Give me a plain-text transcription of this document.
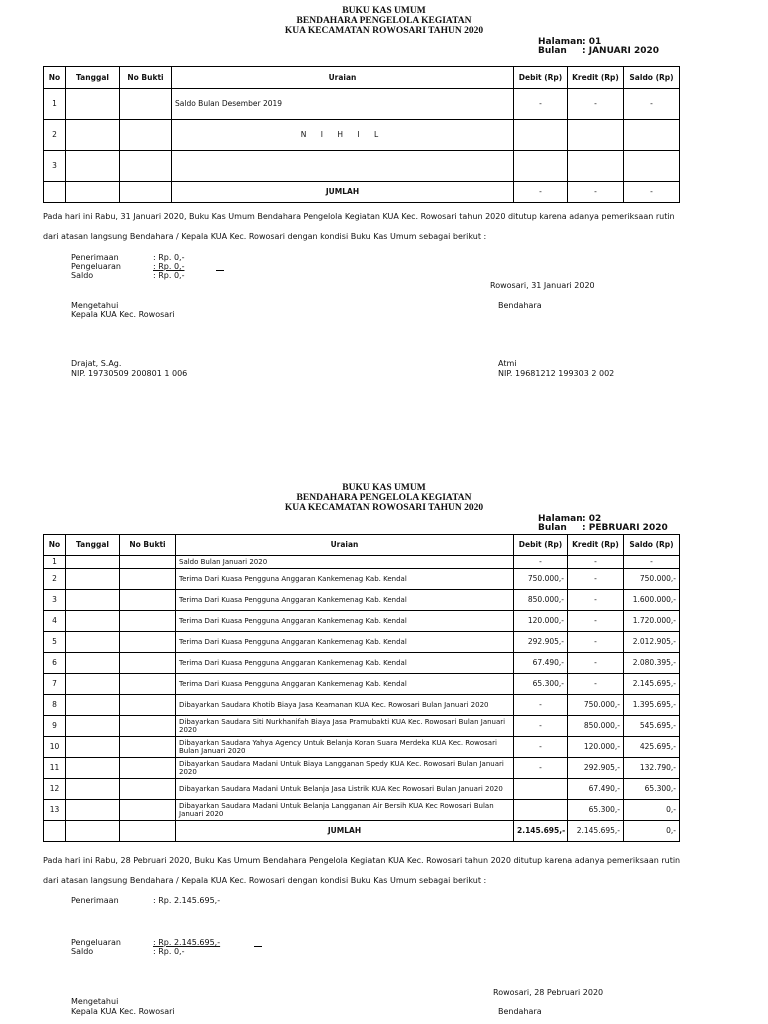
BUKU KAS UMUM
BENDAHARA PENGELOLA KEGIATAN
KUA KECAMATAN ROWOSARI TAHUN 2020
Halaman: 01
Bulan : JANUARI 2020
No	Tanggal	No Bukti	Uraian	Debit (Rp)	Kredit (Rp)	Saldo (Rp)
1			Saldo Bulan Desember 2019	-	-	-
2			N I H I L			
3						
			JUMLAH	-	-	-
Pada hari ini Rabu, 31 Januari 2020, Buku Kas Umum Bendahara Pengelola Kegiatan KUA Kec. Rowosari tahun 2020 ditutup karena adanya pemeriksaan rutin
dari atasan langsung Bendahara / Kepala KUA Kec. Rowosari dengan kondisi Buku Kas Umum sebagai berikut :
Penerimaan	: Rp. 0,-
Pengeluaran	: Rp. 0,-
Saldo	: Rp. 0,-
Rowosari, 31 Januari 2020
Mengetahui
Kepala KUA Kec. Rowosari
Bendahara
Drajat, S.Ag.
NIP. 19730509 200801 1 006
Atmi
NIP. 19681212 199303 2 002
BUKU KAS UMUM
BENDAHARA PENGELOLA KEGIATAN
KUA KECAMATAN ROWOSARI TAHUN 2020
Halaman: 02
Bulan : PEBRUARI 2020
No	Tanggal	No Bukti	Uraian	Debit (Rp)	Kredit (Rp)	Saldo (Rp)
1			Saldo Bulan Januari 2020	-	-	-
2			Terima Dari Kuasa Pengguna Anggaran Kankemenag Kab. Kendal	750.000,-	-	750.000,-
3			Terima Dari Kuasa Pengguna Anggaran Kankemenag Kab. Kendal	850.000,-	-	1.600.000,-
4			Terima Dari Kuasa Pengguna Anggaran Kankemenag Kab. Kendal	120.000,-	-	1.720.000,-
5			Terima Dari Kuasa Pengguna Anggaran Kankemenag Kab. Kendal	292.905,-	-	2.012.905,-
6			Terima Dari Kuasa Pengguna Anggaran Kankemenag Kab. Kendal	67.490,-	-	2.080.395,-
7			Terima Dari Kuasa Pengguna Anggaran Kankemenag Kab. Kendal	65.300,-	-	2.145.695,-
8			Dibayarkan Saudara Khotib Biaya Jasa Keamanan KUA Kec. Rowosari Bulan Januari 2020	-	750.000,-	1.395.695,-
9			Dibayarkan Saudara Siti Nurkhanifah Biaya Jasa Pramubakti KUA Kec. Rowosari Bulan Januari 2020	-	850.000,-	545.695,-
10			Dibayarkan Saudara Yahya Agency Untuk Belanja Koran Suara Merdeka KUA Kec. Rowosari Bulan Januari 2020	-	120.000,-	425.695,-
11			Dibayarkan Saudara Madani Untuk Biaya Langganan Spedy KUA Kec. Rowosari Bulan Januari 2020	-	292.905,-	132.790,-
12			Dibayarkan Saudara Madani Untuk Belanja Jasa Listrik KUA Kec Rowosari Bulan Januari 2020		67.490,-	65.300,-
13			Dibayarkan Saudara Madani Untuk Belanja Langganan Air Bersih KUA Kec Rowosari Bulan Januari 2020		65.300,-	0,-
			JUMLAH	2.145.695,-	2.145.695,-	0,-
Pada hari ini Rabu, 28 Pebruari 2020, Buku Kas Umum Bendahara Pengelola Kegiatan KUA Kec. Rowosari tahun 2020 ditutup karena adanya pemeriksaan rutin
dari atasan langsung Bendahara / Kepala KUA Kec. Rowosari dengan kondisi Buku Kas Umum sebagai berikut :
Penerimaan	: Rp. 2.145.695,-
Pengeluaran	: Rp. 2.145.695,-
Saldo	: Rp. 0,-
Rowosari, 28 Pebruari 2020
Mengetahui
Kepala KUA Kec. Rowosari	Bendahara
